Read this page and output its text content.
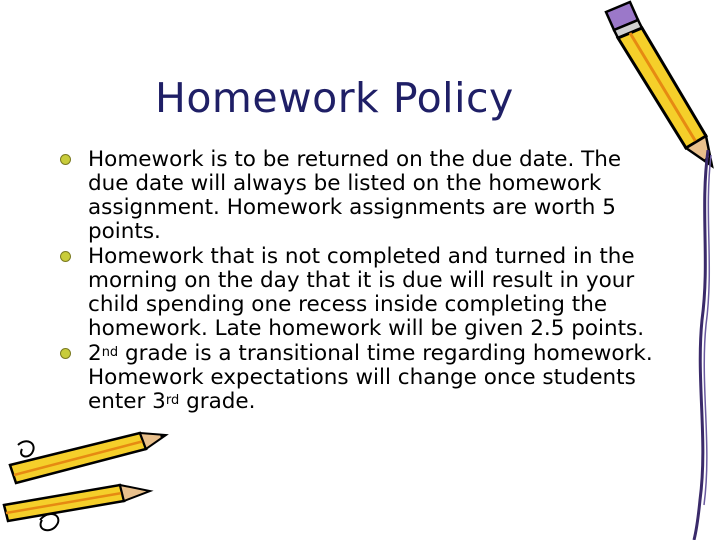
Homework Policy
Homework is to be returned on the due date. The due date will always be listed on the homework assignment. Homework assignments are worth 5 points.
Homework that is not completed and turned in the morning on the day that it is due will result in your child spending one recess inside completing the homework. Late homework will be given 2.5 points.
2nd grade is a transitional time regarding homework. Homework expectations will change once students enter 3rd grade.
